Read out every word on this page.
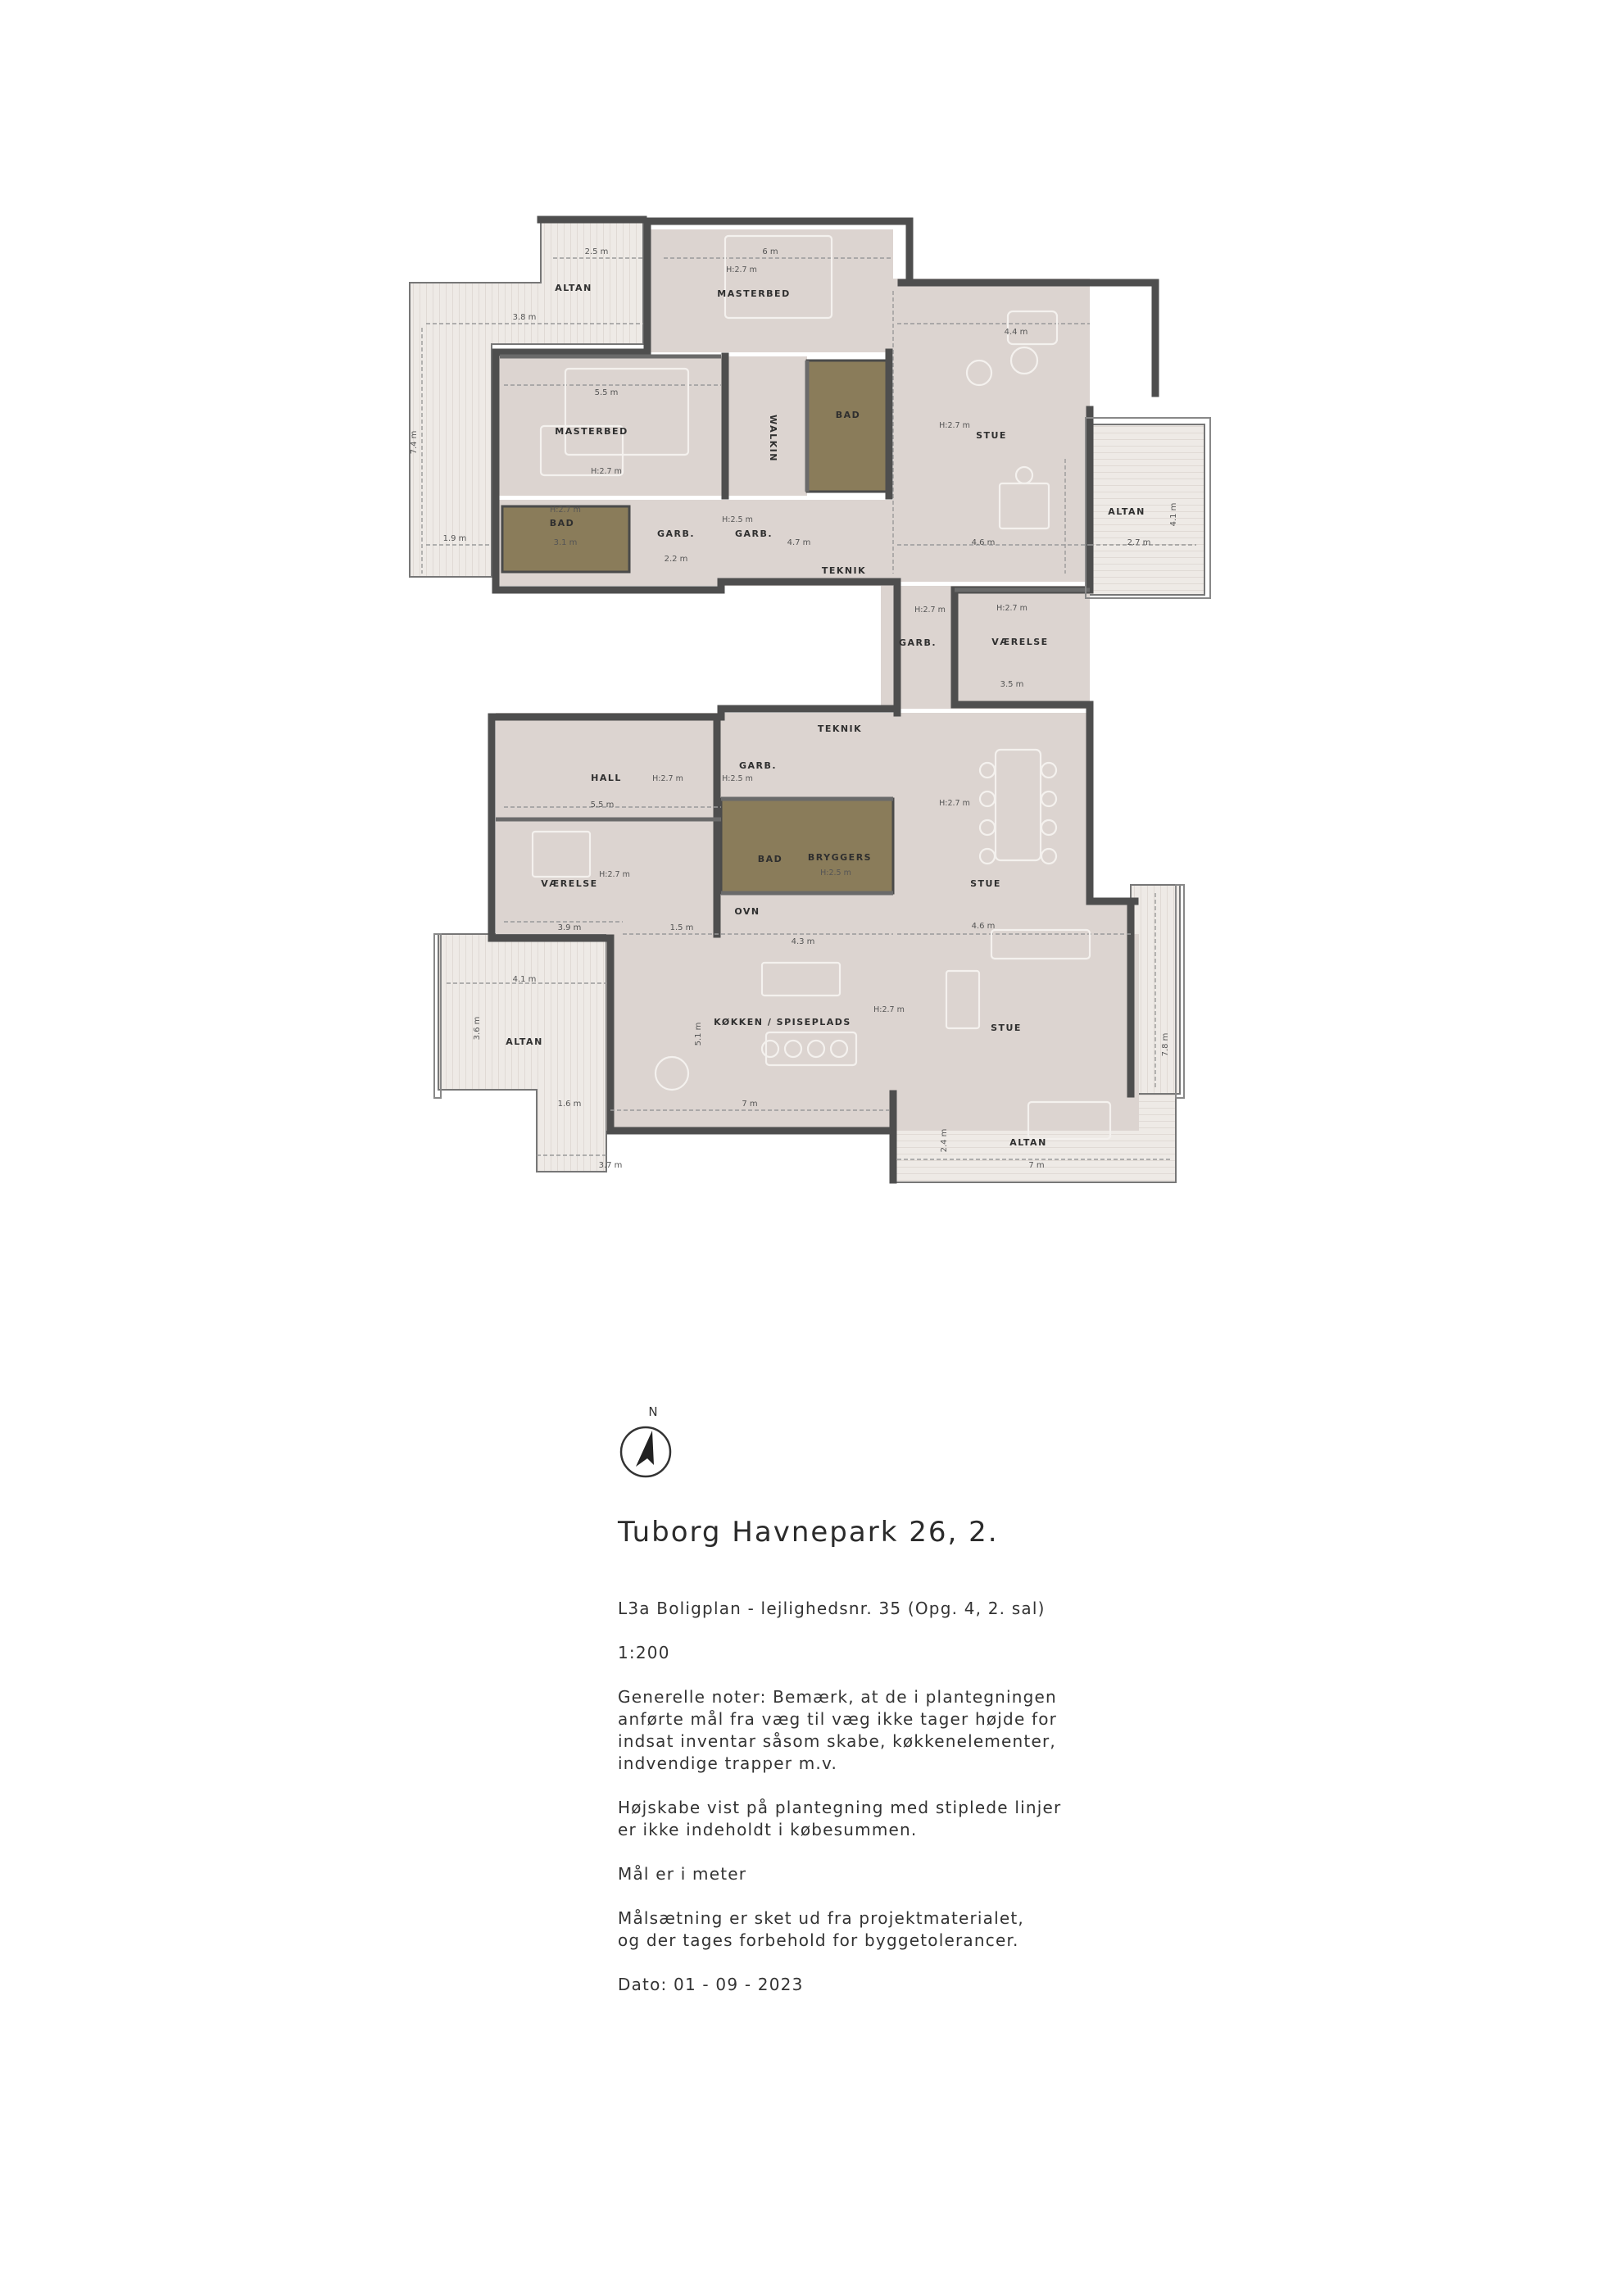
MASTERBED
MASTERBED	WALKIN	BAD
BAD
BAD	BRYGGERS
STUE
STUE
STUE
ALTAN
ALTAN
ALTAN
ALTAN
GARB.	GARB.
GARB.
GARB.
TEKNIK
TEKNIK
VÆRELSE
VÆRELSE
HALL
KØKKEN / SPISEPLADS
OVN
2.5 m	6 m
3.8 m
7.4 m
5.5 m
1.9 m	3.1 m
4.4 m
4.7 m	4.6 m	2.7 m
4.1 m
3.5 m
5.5 m
3.9 m
4.1 m
4.3 m
4.6 m
7 m
3.7 m	7 m
7.8 m
2.4 m
5.1 m
3.6 m
1.6 m
2.2 m
1.5 m
H:2.7 m
H:2.7 m
H:2.7 m
H:2.7 m
H:2.5 m
H:2.7 m	H:2.7 m
H:2.7 m	H:2.5 m
H:2.7 m
H:2.5 m
H:2.7 m
H:2.7 m
N
Tuborg Havnepark 26, 2.

L3a Boligplan - lejlighedsnr. 35 (Opg. 4, 2. sal)

1:200

Generelle noter: Bemærk, at de i plantegningen
anførte mål fra væg til væg ikke tager højde for
indsat inventar såsom skabe, køkkenelementer,
indvendige trapper m.v.

Højskabe vist på plantegning med stiplede linjer
er ikke indeholdt i købesummen.

Mål er i meter

Målsætning er sket ud fra projektmaterialet,
og der tages forbehold for byggetolerancer.

Dato: 01 - 09 - 2023
